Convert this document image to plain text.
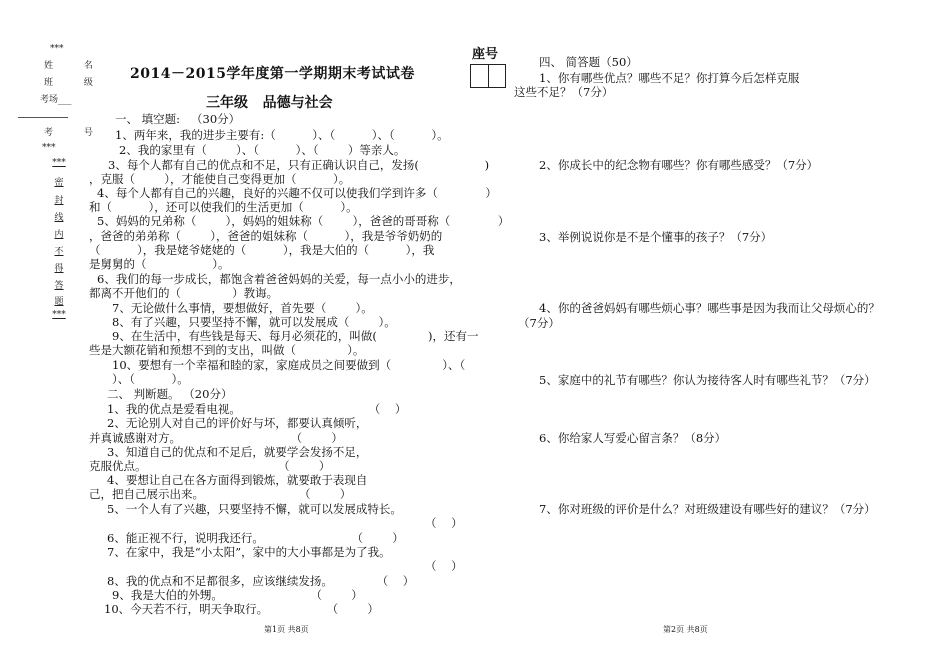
***
姓 名
班 级
考场___
考 号
***
***
密
封
线
内
不
得
答
题
***
2014－2015学年度第一学期期末考试试卷
三年级   品德与社会
座号
一、 填空题:   （30分）
1、两年来，我的进步主要有:（          ）、（          ）、（          ）。
2、我的家里有（        ）、（          ）、（        ）等亲人。
3、每个人都有自己的优点和不足，只有正确认识自己，发扬(                  )
，克服（        ），才能使自己变得更加（          ）。
4、每个人都有自己的兴趣，良好的兴趣不仅可以使我们学到许多（             ）
和（          ），还可以使我们的生活更加（          ）。
5、妈妈的兄弟称（        ），妈妈的姐妹称（        ），爸爸的哥哥称（             ）
，爸爸的弟弟称（        ），爸爸的姐妹称（          ），我是爷爷奶奶的
（          ），我是姥爷姥姥的（          ），我是大伯的（          ），我
是舅舅的（                  ）。
6、我们的每一步成长，都饱含着爸爸妈妈的关爱，每一点小小的进步，
都离不开他们的（              ）教诲。
7、无论做什么事情，要想做好，首先要（        ）。
8、有了兴趣，只要坚持不懈，就可以发展成（        ）。
9、在生活中，有些钱是每天、每月必须花的，叫做(              )，还有一
些是大额花销和预想不到的支出，叫做（              ）。
10、要想有一个幸福和睦的家，家庭成员之间要做到（              ）、（
）、（          ）。
二、 判断题。 （20分）
1、我的优点是爱看电视。                                   （    ）
2、无论别人对自己的评价好与坏，都要认真倾听，
并真诚感谢对方。                              （        ）
3、知道自己的优点和不足后，就要学会发扬不足，
克服优点。                                    （        ）
4、要想让自己在各方面得到锻炼，就要敢于表现自
己，把自己展示出来。                          （        ）
5、一个人有了兴趣，只要坚持不懈，就可以发展成特长。
（    ）
6、能正视不行，说明我还行。                        （        ）
7、在家中，我是“小太阳”，家中的大小事都是为了我。
（    ）
8、我的优点和不足都很多，应该继续发扬。            （    ）
9、我是大伯的外甥。                        （        ）
10、今天若不行，明天争取行。                （        ）
四、 简答题（50）
1、你有哪些优点？哪些不足？你打算今后怎样克服
这些不足？（7分）
2、你成长中的纪念物有哪些？你有哪些感受？（7分）
3、举例说说你是不是个懂事的孩子？（7分）
4、你的爸爸妈妈有哪些烦心事？哪些事是因为我而让父母烦心的？
（7分）
5、家庭中的礼节有哪些？你认为接待客人时有哪些礼节？（7分）
6、你给家人写爱心留言条？（8分）
7、你对班级的评价是什么？对班级建设有哪些好的建议？（7分）
第1页 共8页	第2页 共8页
